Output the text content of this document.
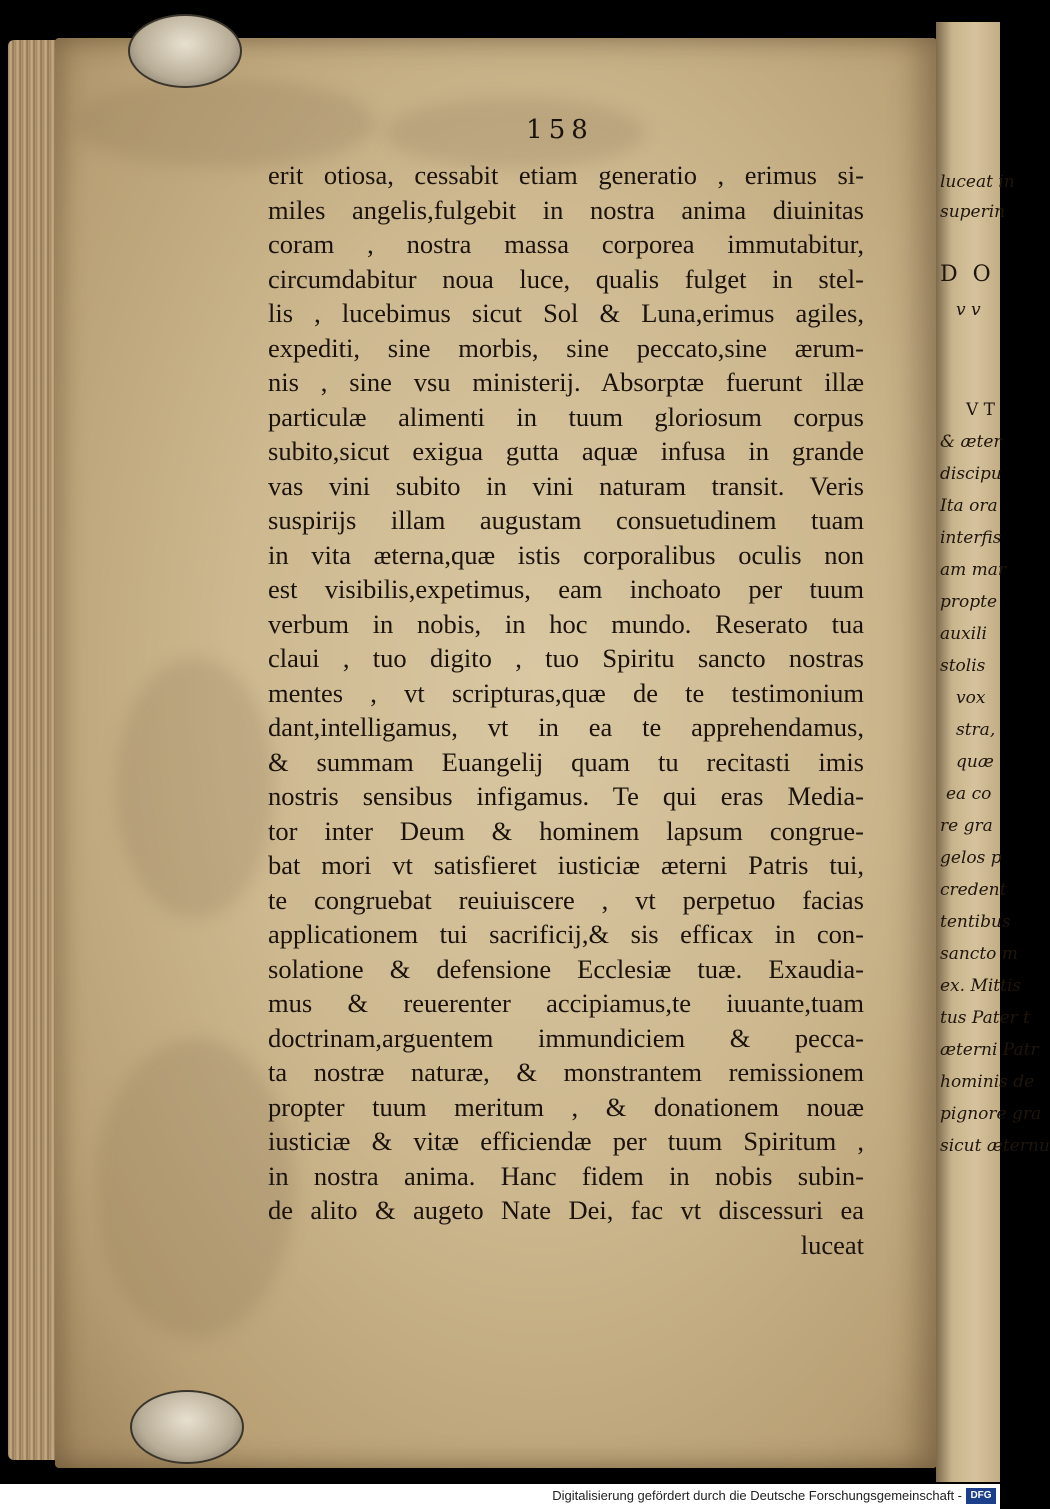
158
erit otiosa, cessabit etiam generatio , erimus si-
miles angelis,fulgebit in nostra anima diuinitas
coram , nostra massa corporea immutabitur,
circumdabitur noua luce, qualis fulget in stel-
lis , lucebimus sicut Sol & Luna,erimus agiles,
expediti, sine morbis, sine peccato,sine ærum-
nis , sine vsu ministerij. Absorptæ fuerunt illæ
particulæ alimenti in tuum gloriosum corpus
subito,sicut exigua gutta aquæ infusa in grande
vas vini subito in vini naturam transit. Veris
suspirijs illam augustam consuetudinem tuam
in vita æterna,quæ istis corporalibus oculis non
est visibilis,expetimus, eam inchoato per tuum
verbum in nobis, in hoc mundo. Reserato tua
claui , tuo digito , tuo Spiritu sancto nostras
mentes , vt scripturas,quæ de te testimonium
dant,intelligamus, vt in ea te apprehendamus,
& summam Euangelij quam tu recitasti imis
nostris sensibus infigamus. Te qui eras Media-
tor inter Deum & hominem lapsum congrue-
bat mori vt satisfieret iusticiæ æterni Patris tui,
te congruebat reuiuiscere , vt perpetuo facias
applicationem tui sacrificij,& sis efficax in con-
solatione & defensione Ecclesiæ tuæ. Exaudia-
mus & reuerenter accipiamus,te iuuante,tuam
doctrinam,arguentem immundiciem & pecca-
ta nostræ naturæ, & monstrantem remissionem
propter tuum meritum , & donationem nouæ
iusticiæ & vitæ efficiendæ per tuum Spiritum ,
in nostra anima. Hanc fidem in nobis subin-
de alito & augeto Nate Dei, fac vt discessuri ea
luceat
luceat in
superin
D O
v v
V T
& æter
discipu
Ita ora
interfis
am mar
propte
auxili
stolis
vox
stra,
quæ
ea co
re gra
gelos p
credent
tentibus
sancto m
ex. Mittis
tus Pater t
æterni Patr
hominis de
pignore gra
sicut æternu
Digitalisierung gefördert durch die Deutsche Forschungsgemeinschaft - DFG
